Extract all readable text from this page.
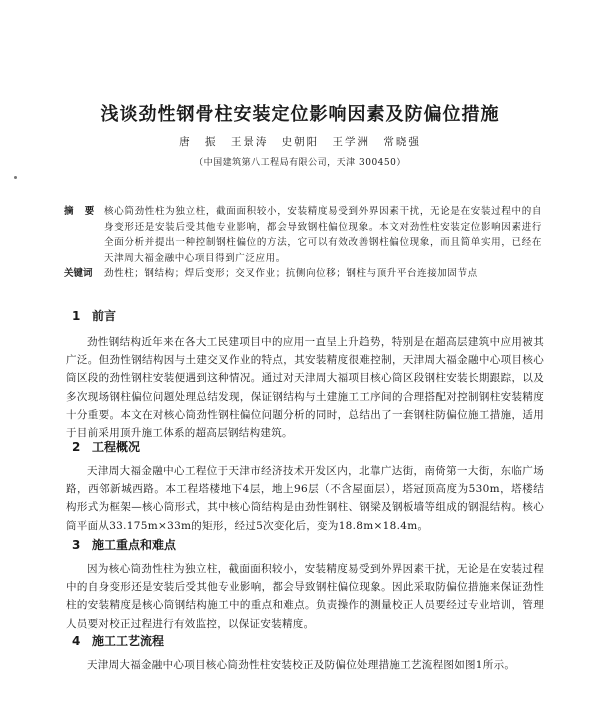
浅谈劲性钢骨柱安装定位影响因素及防偏位措施
唐 振 王景涛 史朝阳 王学洲 常晓强
（中国建筑第八工程局有限公司，天津 300450）
摘 要 核心筒劲性柱为独立柱，截面面积较小，安装精度易受到外界因素干扰，无论是在安装过程中的自身变形还是安装后受其他专业影响，都会导致钢柱偏位现象。本文对劲性柱安装定位影响因素进行全面分析并提出一种控制钢柱偏位的方法，它可以有效改善钢柱偏位现象，而且简单实用，已经在天津周大福金融中心项目得到广泛应用。
关键词	劲性柱；钢结构；焊后变形；交叉作业；抗侧向位移；钢柱与顶升平台连接加固节点
1 前言
劲性钢结构近年来在各大工民建项目中的应用一直呈上升趋势，特别是在超高层建筑中应用被其广泛。但劲性钢结构因与土建交叉作业的特点，其安装精度很难控制，天津周大福金融中心项目核心筒区段的劲性钢柱安装便遇到这种情况。通过对天津周大福项目核心筒区段钢柱安装长期跟踪，以及多次现场钢柱偏位问题处理总结发现，保证钢结构与土建施工工序间的合理搭配对控制钢柱安装精度十分重要。本文在对核心筒劲性钢柱偏位问题分析的同时，总结出了一套钢柱防偏位施工措施，适用于目前采用顶升施工体系的超高层钢结构建筑。
2 工程概况
天津周大福金融中心工程位于天津市经济技术开发区内，北靠广达街，南倚第一大街，东临广场路，西邻新城西路。本工程塔楼地下4层，地上96层（不含屋面层），塔冠顶高度为530m，塔楼结构形式为框架—核心筒形式，其中核心筒结构是由劲性钢柱、钢梁及钢板墙等组成的钢混结构。核心筒平面从33.175m×33m的矩形，经过5次变化后，变为18.8m×18.4m。
3 施工重点和难点
因为核心筒劲性柱为独立柱，截面面积较小，安装精度易受到外界因素干扰，无论是在安装过程中的自身变形还是安装后受其他专业影响，都会导致钢柱偏位现象。因此采取防偏位措施来保证劲性柱的安装精度是核心筒钢结构施工中的重点和难点。负责操作的测量校正人员要经过专业培训，管理人员要对校正过程进行有效监控，以保证安装精度。
4 施工工艺流程
天津周大福金融中心项目核心筒劲性柱安装校正及防偏位处理措施工艺流程图如图1所示。
